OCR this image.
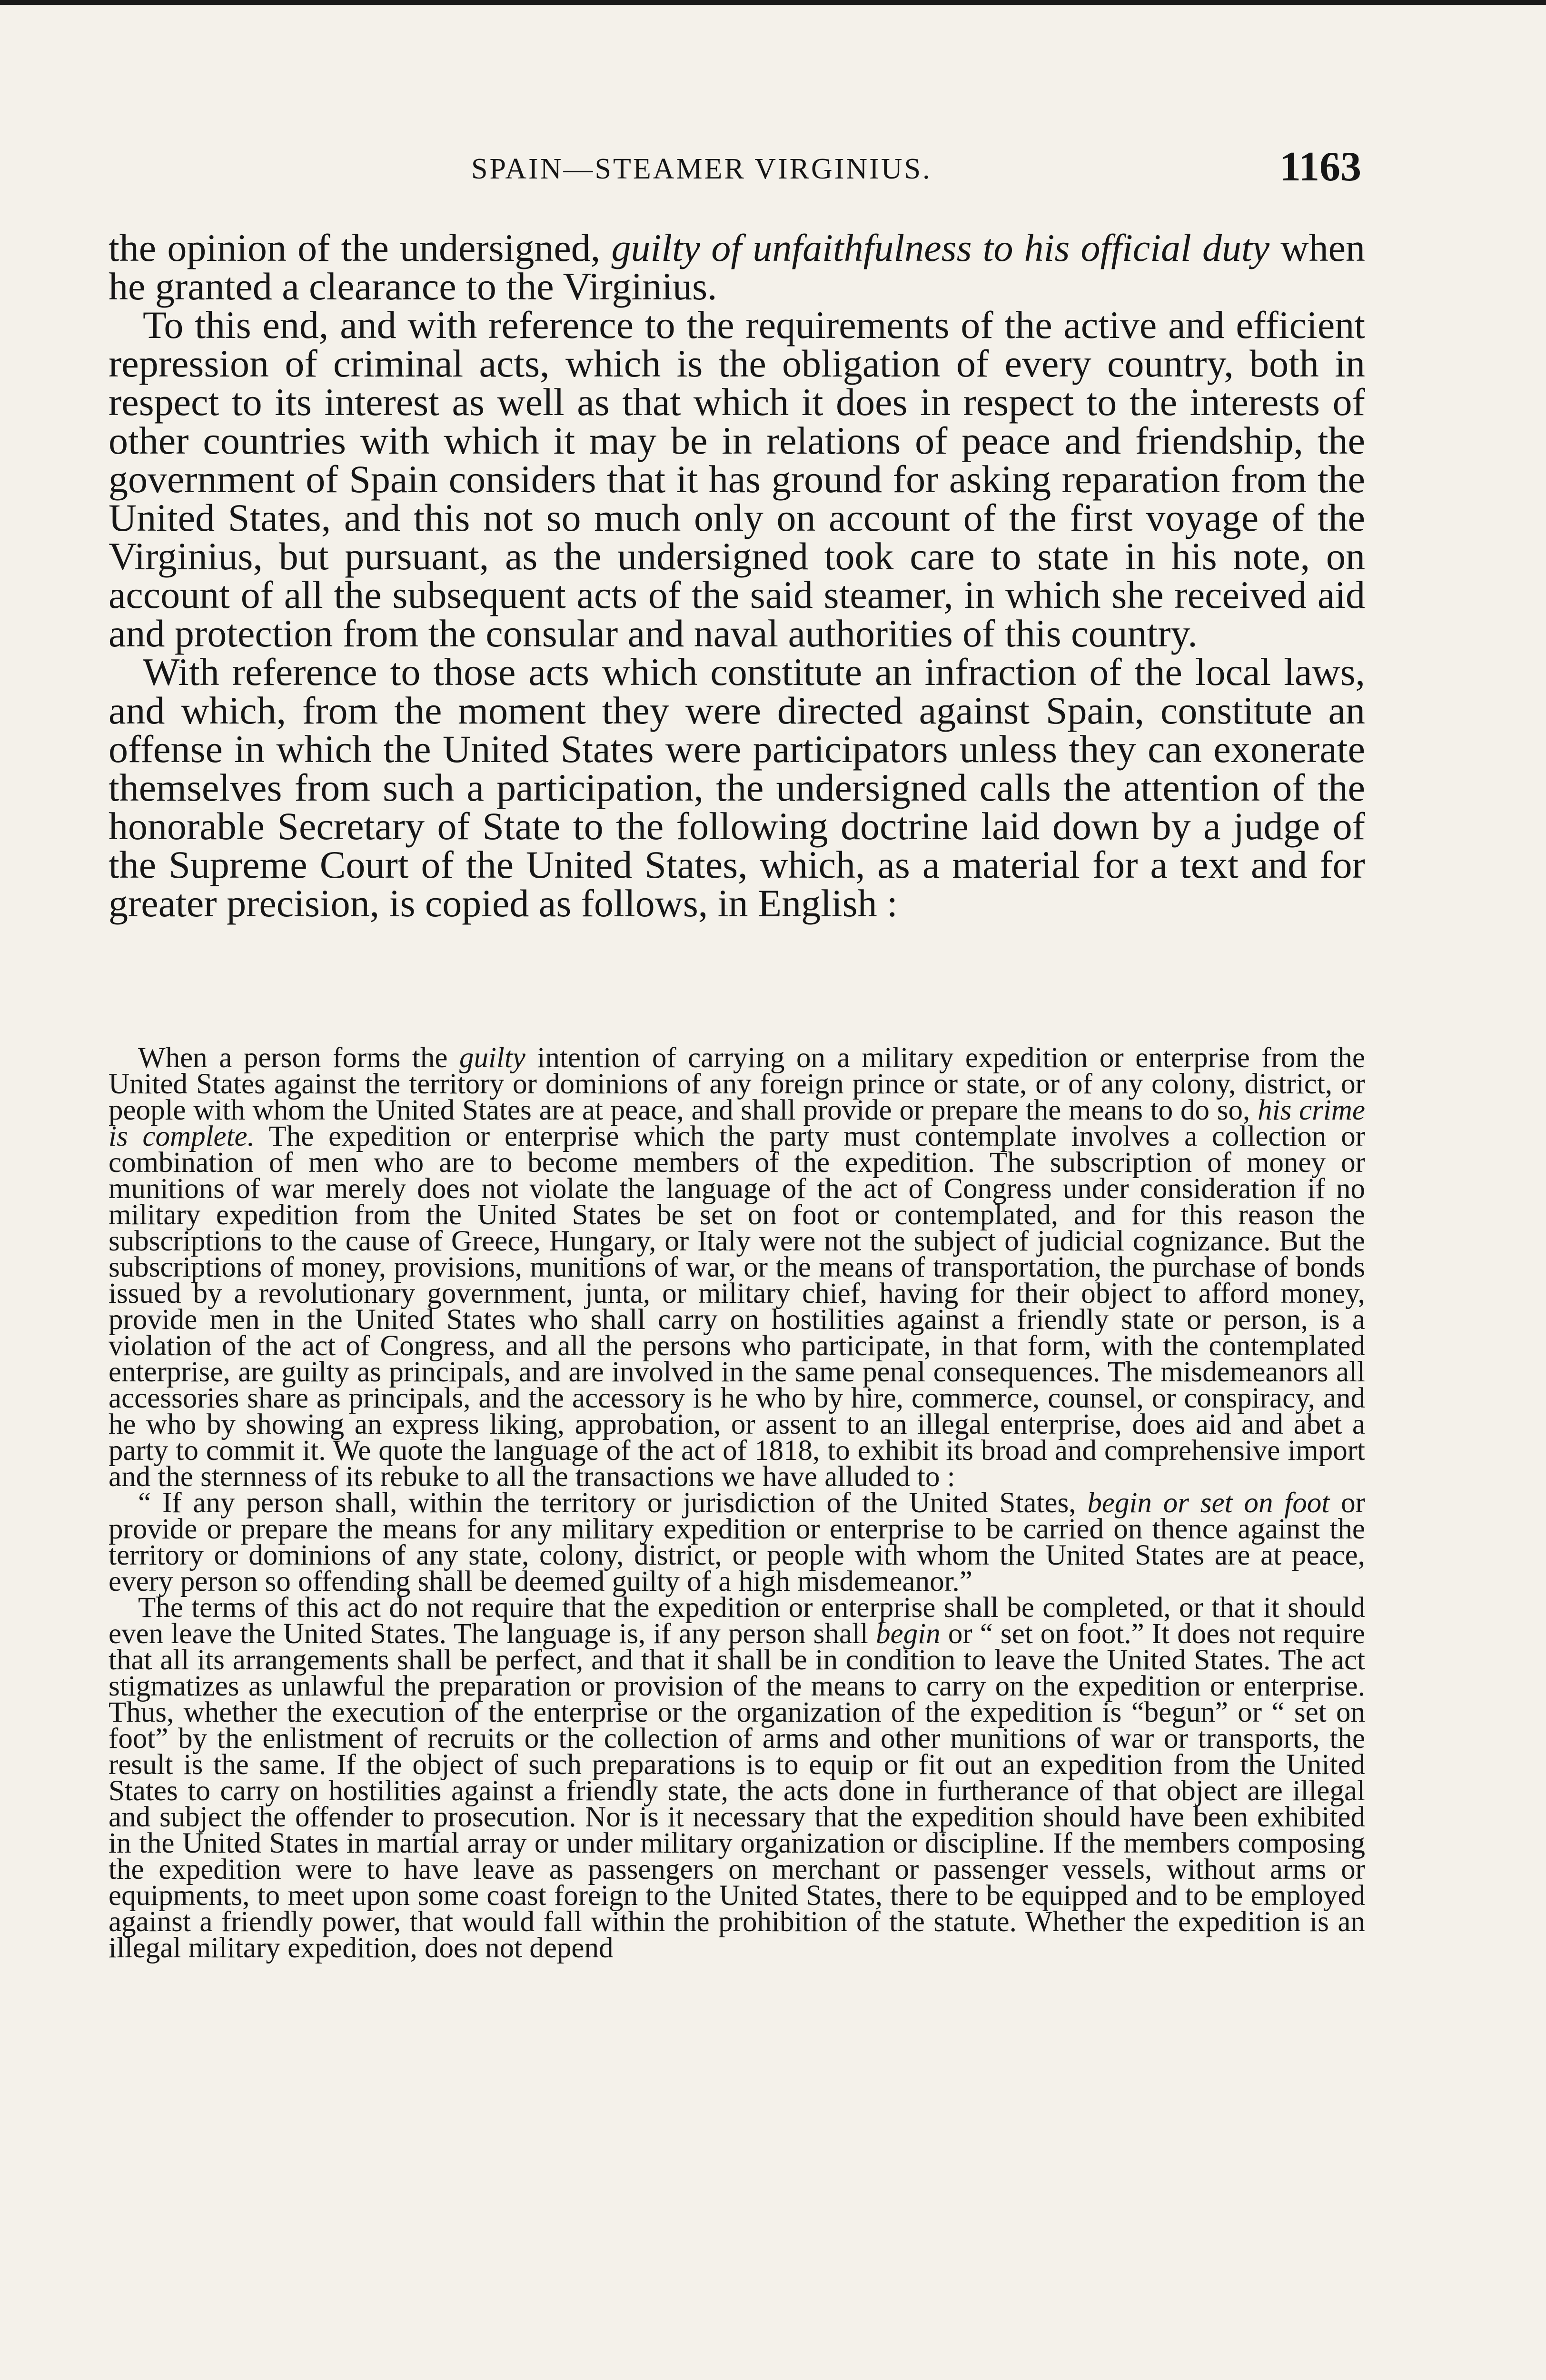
SPAIN—STEAMER VIRGINIUS.	1163

the opinion of the undersigned, guilty of unfaithfulness to his official duty when he granted a clearance to the Virginius.

To this end, and with reference to the requirements of the active and efficient repression of criminal acts, which is the obligation of every country, both in respect to its interest as well as that which it does in respect to the interests of other countries with which it may be in relations of peace and friendship, the government of Spain considers that it has ground for asking reparation from the United States, and this not so much only on account of the first voyage of the Virginius, but pursuant, as the undersigned took care to state in his note, on account of all the subsequent acts of the said steamer, in which she received aid and protection from the consular and naval authorities of this country.

With reference to those acts which constitute an infraction of the local laws, and which, from the moment they were directed against Spain, constitute an offense in which the United States were participators unless they can exonerate themselves from such a participation, the undersigned calls the attention of the honorable Secretary of State to the following doctrine laid down by a judge of the Supreme Court of the United States, which, as a material for a text and for greater precision, is copied as follows, in English :

When a person forms the guilty intention of carrying on a military expedition or enterprise from the United States against the territory or dominions of any foreign prince or state, or of any colony, district, or people with whom the United States are at peace, and shall provide or prepare the means to do so, his crime is complete. The expedition or enterprise which the party must contemplate involves a collection or combination of men who are to become members of the expedition. The subscription of money or munitions of war merely does not violate the language of the act of Congress under consideration if no military expedition from the United States be set on foot or contemplated, and for this reason the subscriptions to the cause of Greece, Hungary, or Italy were not the subject of judicial cognizance. But the subscriptions of money, provisions, munitions of war, or the means of transportation, the purchase of bonds issued by a revolutionary government, junta, or military chief, having for their object to afford money, provide men in the United States who shall carry on hostilities against a friendly state or person, is a violation of the act of Congress, and all the persons who participate, in that form, with the contemplated enterprise, are guilty as principals, and are involved in the same penal consequences. The misdemeanors all accessories share as principals, and the accessory is he who by hire, commerce, counsel, or conspiracy, and he who by showing an express liking, approbation, or assent to an illegal enterprise, does aid and abet a party to commit it. We quote the language of the act of 1818, to exhibit its broad and comprehensive import and the sternness of its rebuke to all the transactions we have alluded to :

“ If any person shall, within the territory or jurisdiction of the United States, begin or set on foot or provide or prepare the means for any military expedition or enterprise to be carried on thence against the territory or dominions of any state, colony, district, or people with whom the United States are at peace, every person so offending shall be deemed guilty of a high misdemeanor.”

The terms of this act do not require that the expedition or enterprise shall be completed, or that it should even leave the United States. The language is, if any person shall begin or “ set on foot.” It does not require that all its arrangements shall be perfect, and that it shall be in condition to leave the United States. The act stigmatizes as unlawful the preparation or provision of the means to carry on the expedition or enterprise. Thus, whether the execution of the enterprise or the organization of the expedition is “begun” or “ set on foot” by the enlistment of recruits or the collection of arms and other munitions of war or transports, the result is the same. If the object of such preparations is to equip or fit out an expedition from the United States to carry on hostilities against a friendly state, the acts done in furtherance of that object are illegal and subject the offender to prosecution. Nor is it necessary that the expedition should have been exhibited in the United States in martial array or under military organization or discipline. If the members composing the expedition were to have leave as passengers on merchant or passenger vessels, without arms or equipments, to meet upon some coast foreign to the United States, there to be equipped and to be employed against a friendly power, that would fall within the prohibition of the statute. Whether the expedition is an illegal military expedition, does not depend
